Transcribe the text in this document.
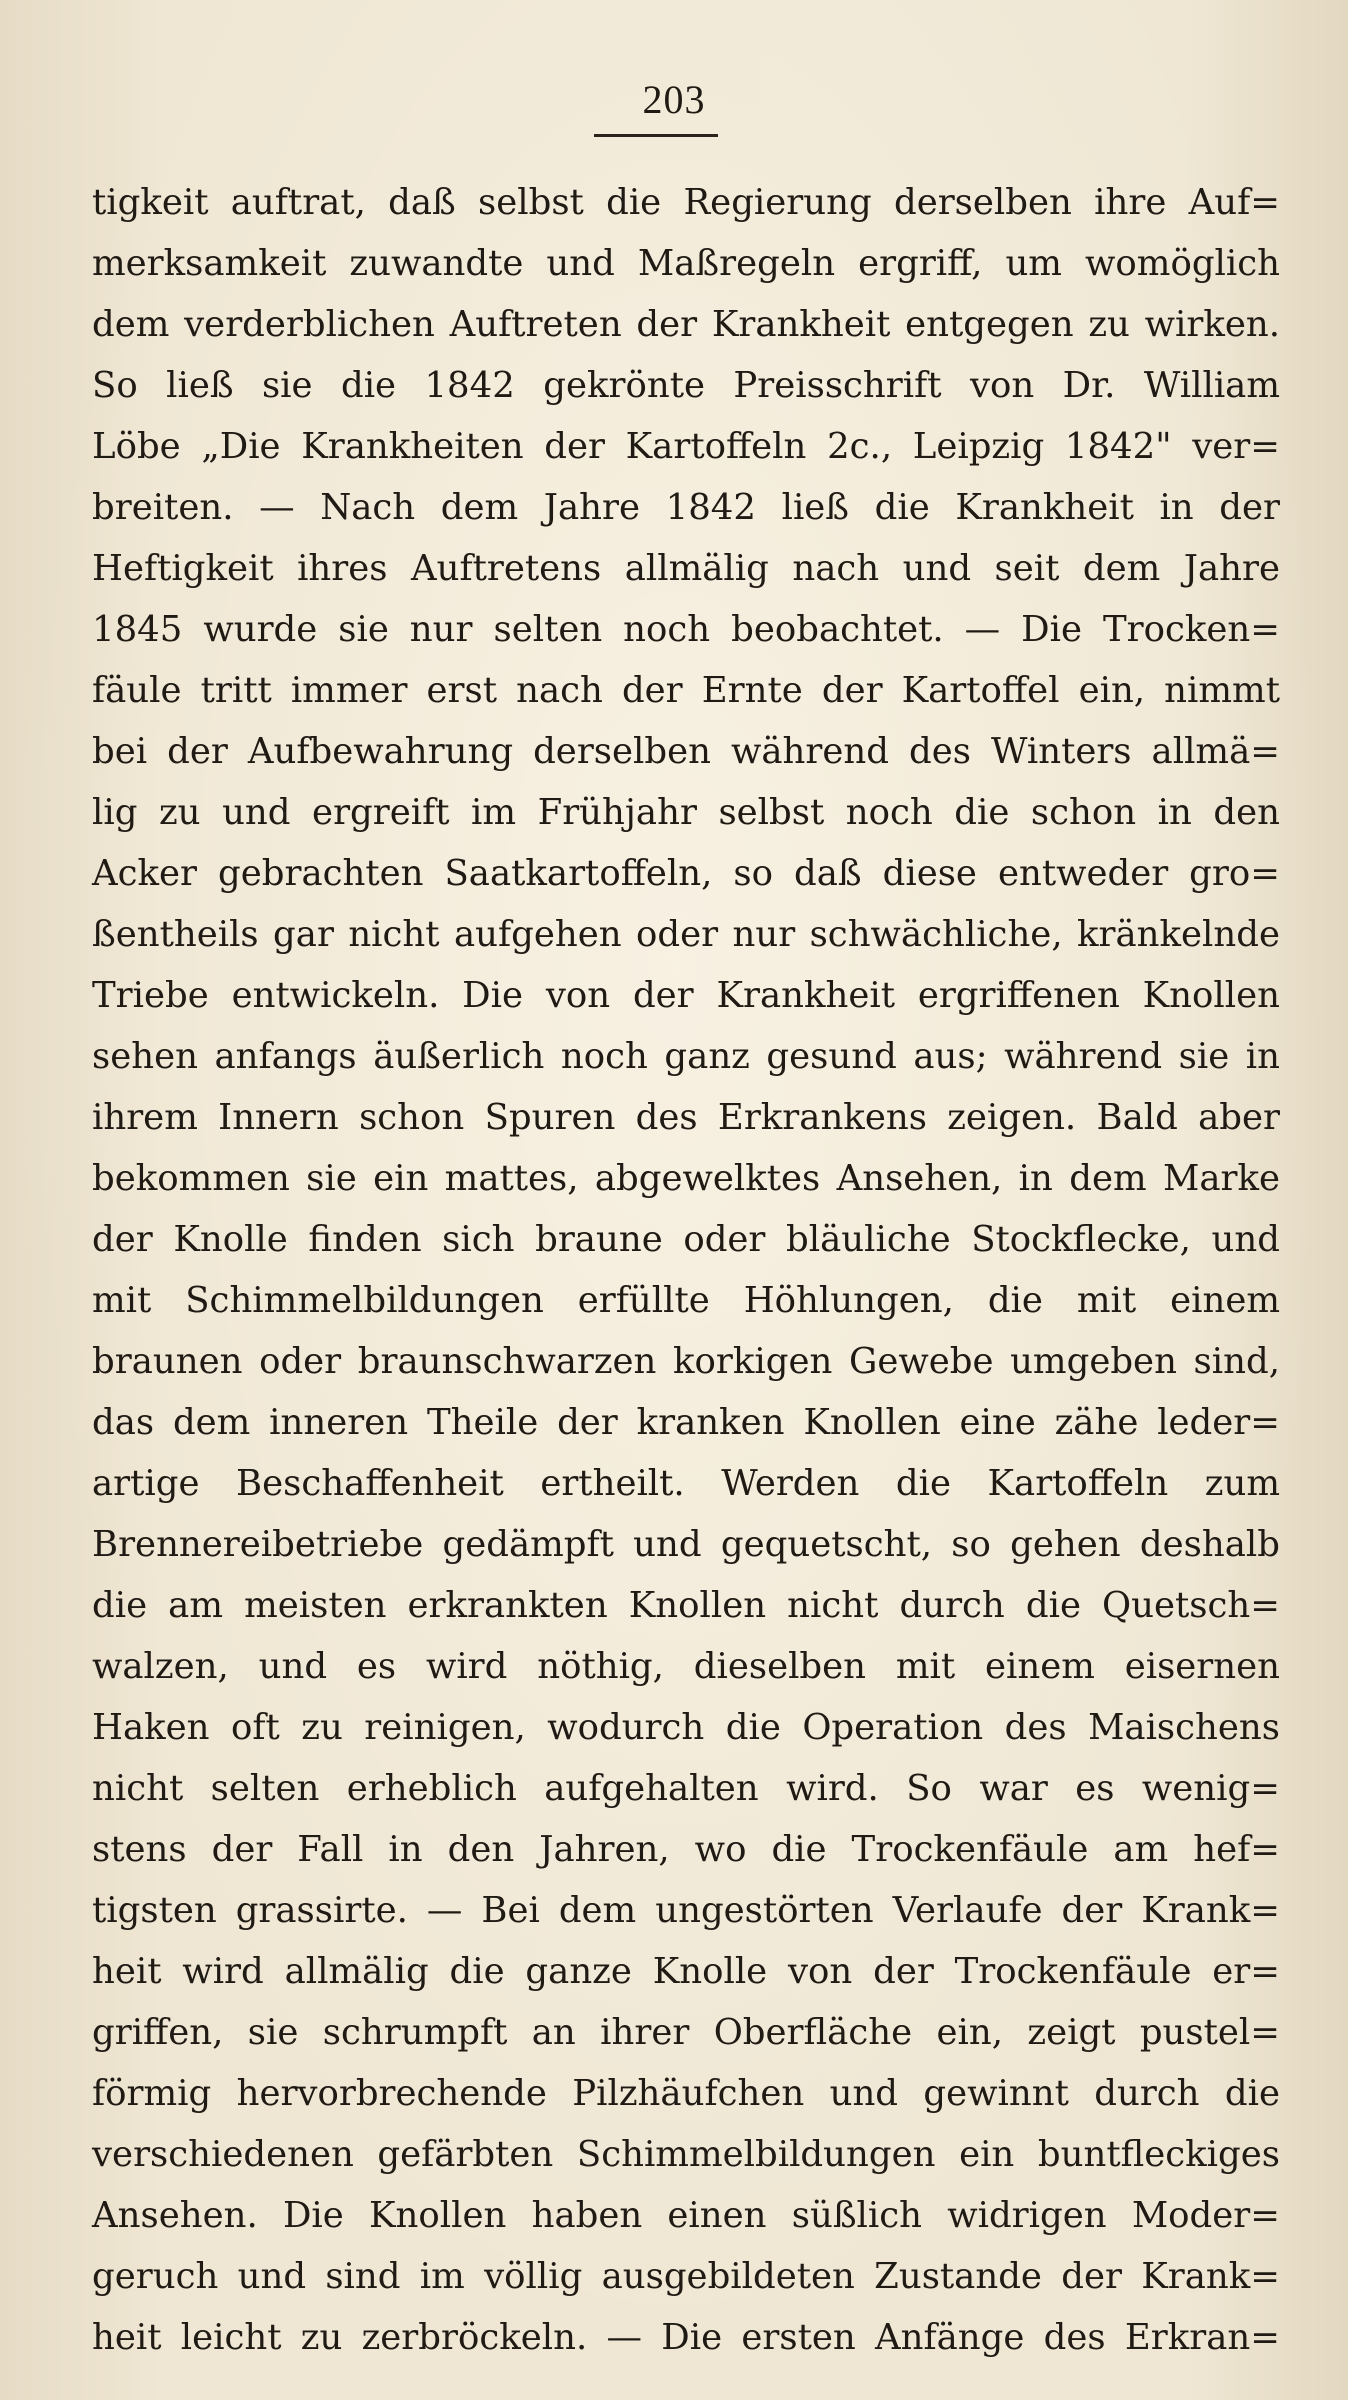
203
tigkeit auftrat, daß selbst die Regierung derselben ihre Auf=
merksamkeit zuwandte und Maßregeln ergriff, um womöglich
dem verderblichen Auftreten der Krankheit entgegen zu wirken.
So ließ sie die 1842 gekrönte Preisschrift von Dr. William
Löbe „Die Krankheiten der Kartoffeln 2c., Leipzig 1842" ver=
breiten. — Nach dem Jahre 1842 ließ die Krankheit in der
Heftigkeit ihres Auftretens allmälig nach und seit dem Jahre
1845 wurde sie nur selten noch beobachtet. — Die Trocken=
fäule tritt immer erst nach der Ernte der Kartoffel ein, nimmt
bei der Aufbewahrung derselben während des Winters allmä=
lig zu und ergreift im Frühjahr selbst noch die schon in den
Acker gebrachten Saatkartoffeln, so daß diese entweder gro=
ßentheils gar nicht aufgehen oder nur schwächliche, kränkelnde
Triebe entwickeln. Die von der Krankheit ergriffenen Knollen
sehen anfangs äußerlich noch ganz gesund aus; während sie in
ihrem Innern schon Spuren des Erkrankens zeigen. Bald aber
bekommen sie ein mattes, abgewelktes Ansehen, in dem Marke
der Knolle finden sich braune oder bläuliche Stockflecke, und
mit Schimmelbildungen erfüllte Höhlungen, die mit einem
braunen oder braunschwarzen korkigen Gewebe umgeben sind,
das dem inneren Theile der kranken Knollen eine zähe leder=
artige Beschaffenheit ertheilt. Werden die Kartoffeln zum
Brennereibetriebe gedämpft und gequetscht, so gehen deshalb
die am meisten erkrankten Knollen nicht durch die Quetsch=
walzen, und es wird nöthig, dieselben mit einem eisernen
Haken oft zu reinigen, wodurch die Operation des Maischens
nicht selten erheblich aufgehalten wird. So war es wenig=
stens der Fall in den Jahren, wo die Trockenfäule am hef=
tigsten grassirte. — Bei dem ungestörten Verlaufe der Krank=
heit wird allmälig die ganze Knolle von der Trockenfäule er=
griffen, sie schrumpft an ihrer Oberfläche ein, zeigt pustel=
förmig hervorbrechende Pilzhäufchen und gewinnt durch die
verschiedenen gefärbten Schimmelbildungen ein buntfleckiges
Ansehen. Die Knollen haben einen süßlich widrigen Moder=
geruch und sind im völlig ausgebildeten Zustande der Krank=
heit leicht zu zerbröckeln. — Die ersten Anfänge des Erkran=
